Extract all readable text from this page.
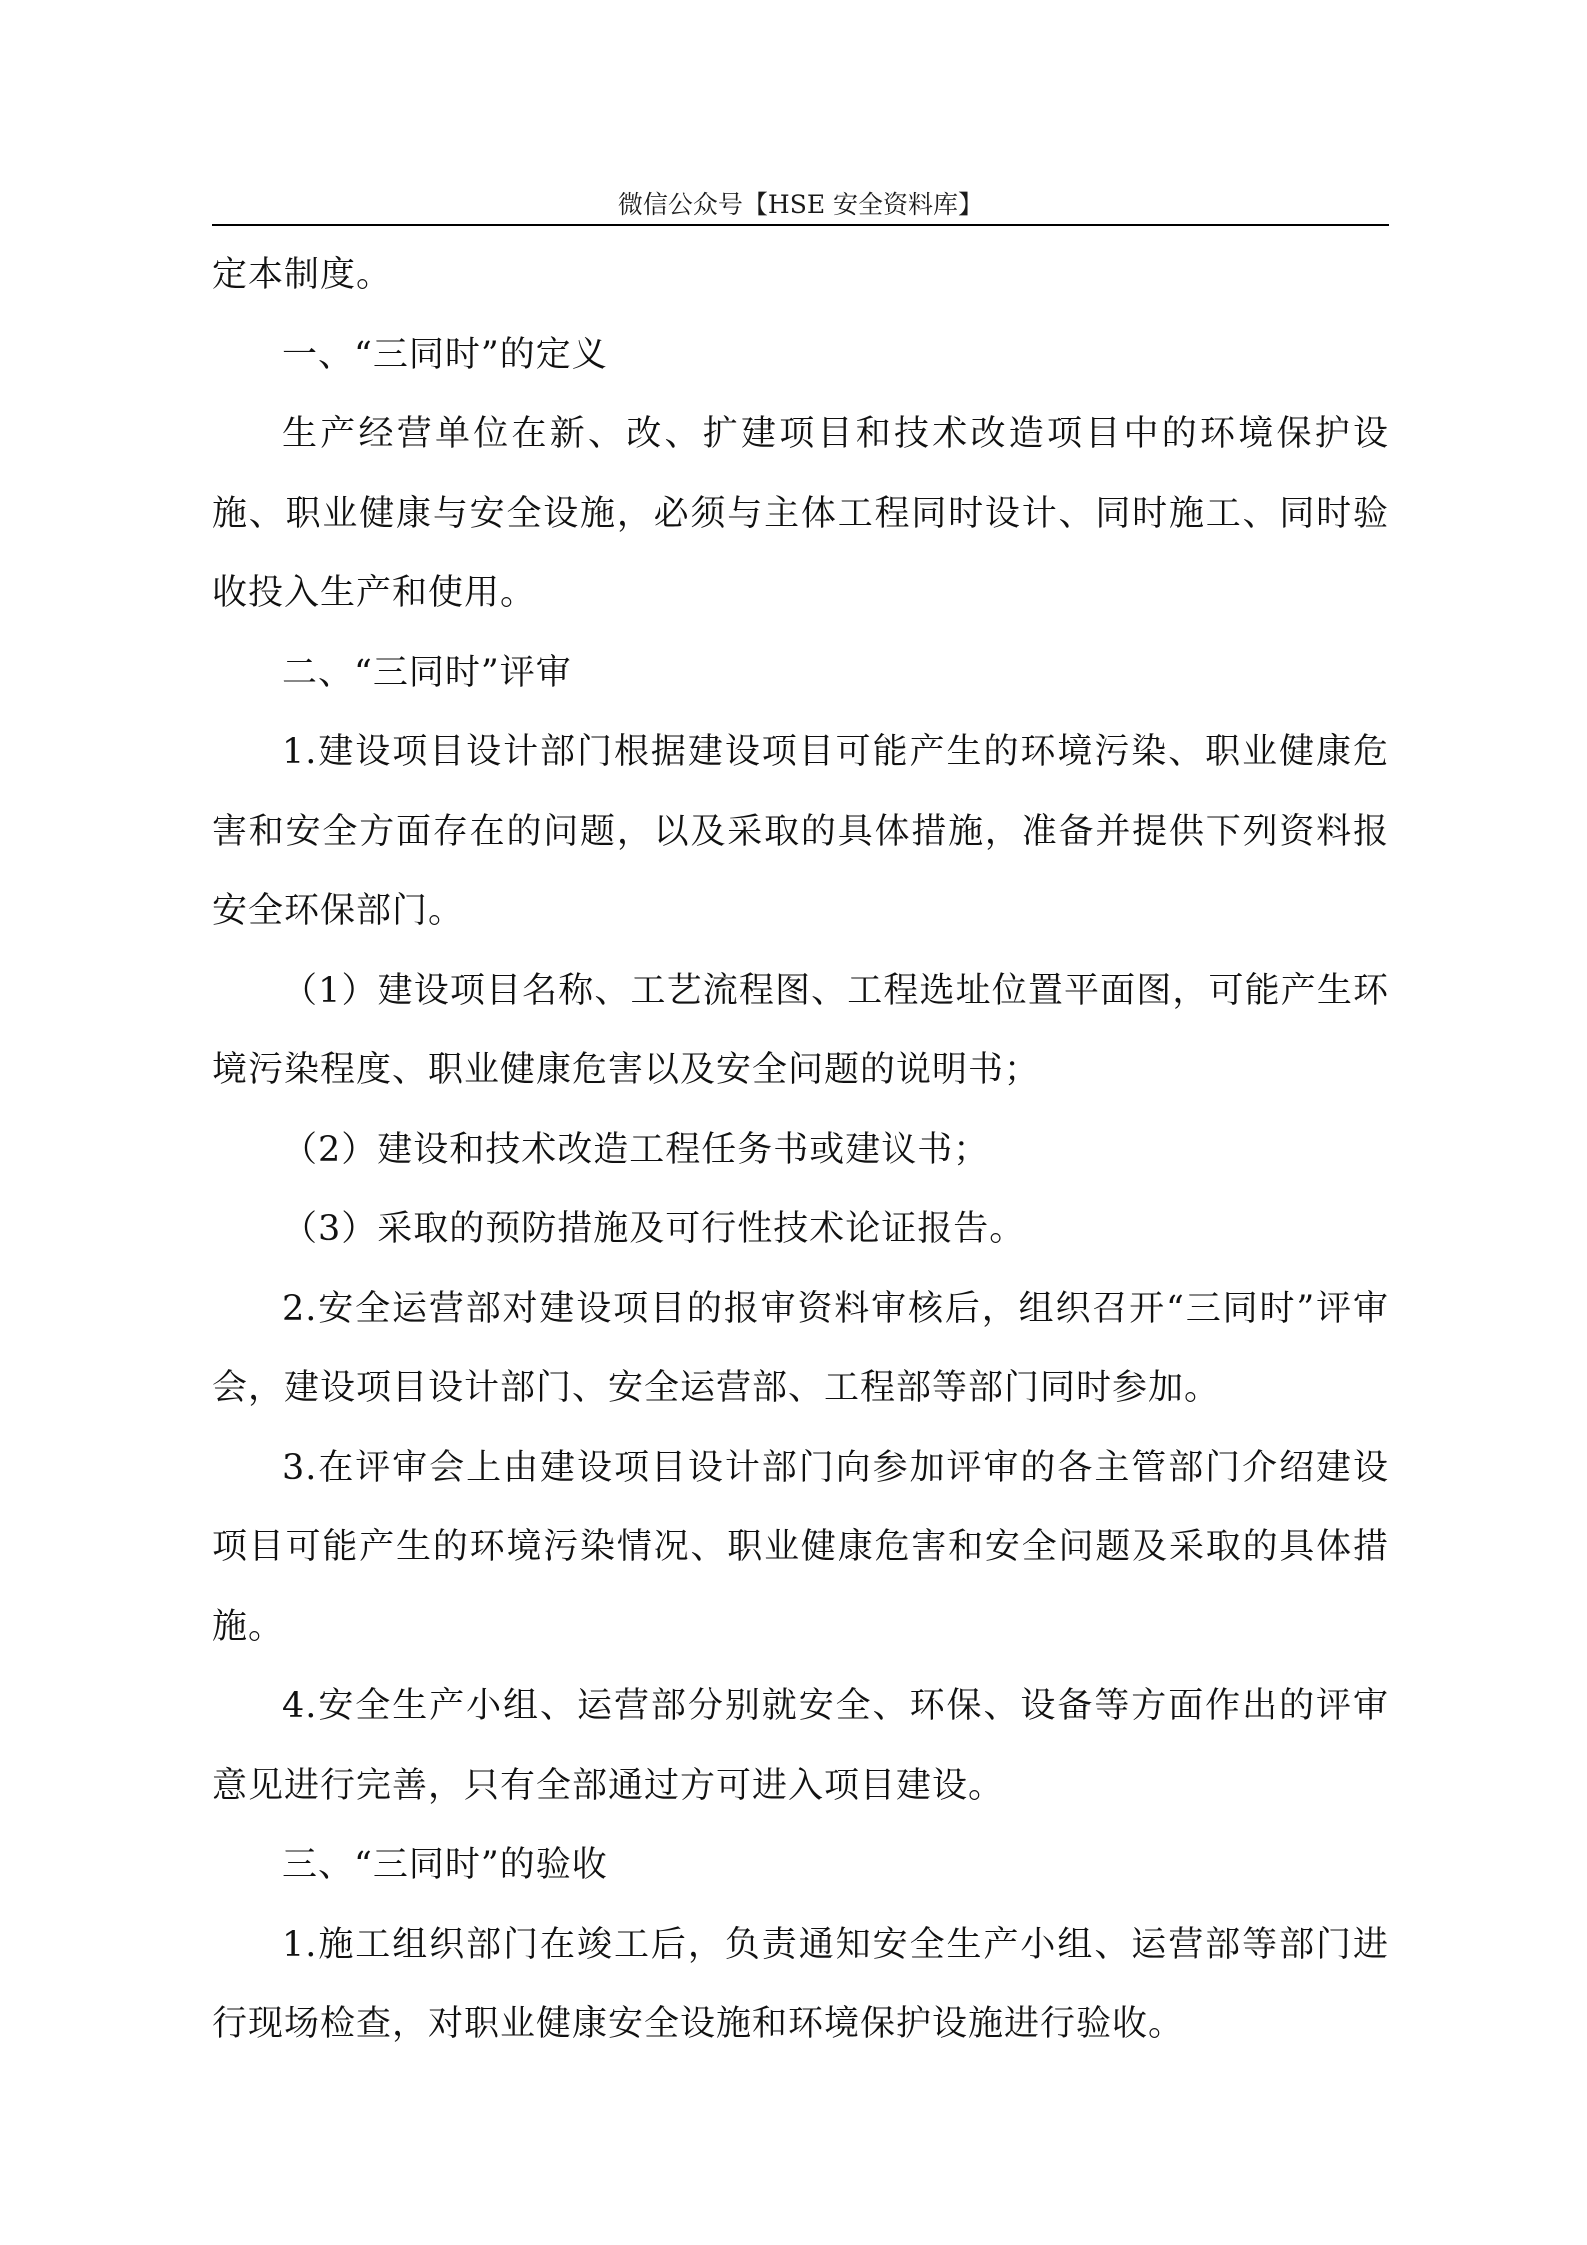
微信公众号【HSE 安全资料库】

定本制度。

一、“三同时”的定义

生产经营单位在新、改、扩建项目和技术改造项目中的环境保护设施、职业健康与安全设施，必须与主体工程同时设计、同时施工、同时验收投入生产和使用。

二、“三同时”评审

1.建设项目设计部门根据建设项目可能产生的环境污染、职业健康危害和安全方面存在的问题，以及采取的具体措施，准备并提供下列资料报安全环保部门。

（1）建设项目名称、工艺流程图、工程选址位置平面图，可能产生环境污染程度、职业健康危害以及安全问题的说明书；

（2）建设和技术改造工程任务书或建议书；

（3）采取的预防措施及可行性技术论证报告。

2.安全运营部对建设项目的报审资料审核后，组织召开“三同时”评审会，建设项目设计部门、安全运营部、工程部等部门同时参加。

3.在评审会上由建设项目设计部门向参加评审的各主管部门介绍建设项目可能产生的环境污染情况、职业健康危害和安全问题及采取的具体措施。

4.安全生产小组、运营部分别就安全、环保、设备等方面作出的评审意见进行完善，只有全部通过方可进入项目建设。

三、“三同时”的验收

1.施工组织部门在竣工后，负责通知安全生产小组、运营部等部门进行现场检查，对职业健康安全设施和环境保护设施进行验收。
